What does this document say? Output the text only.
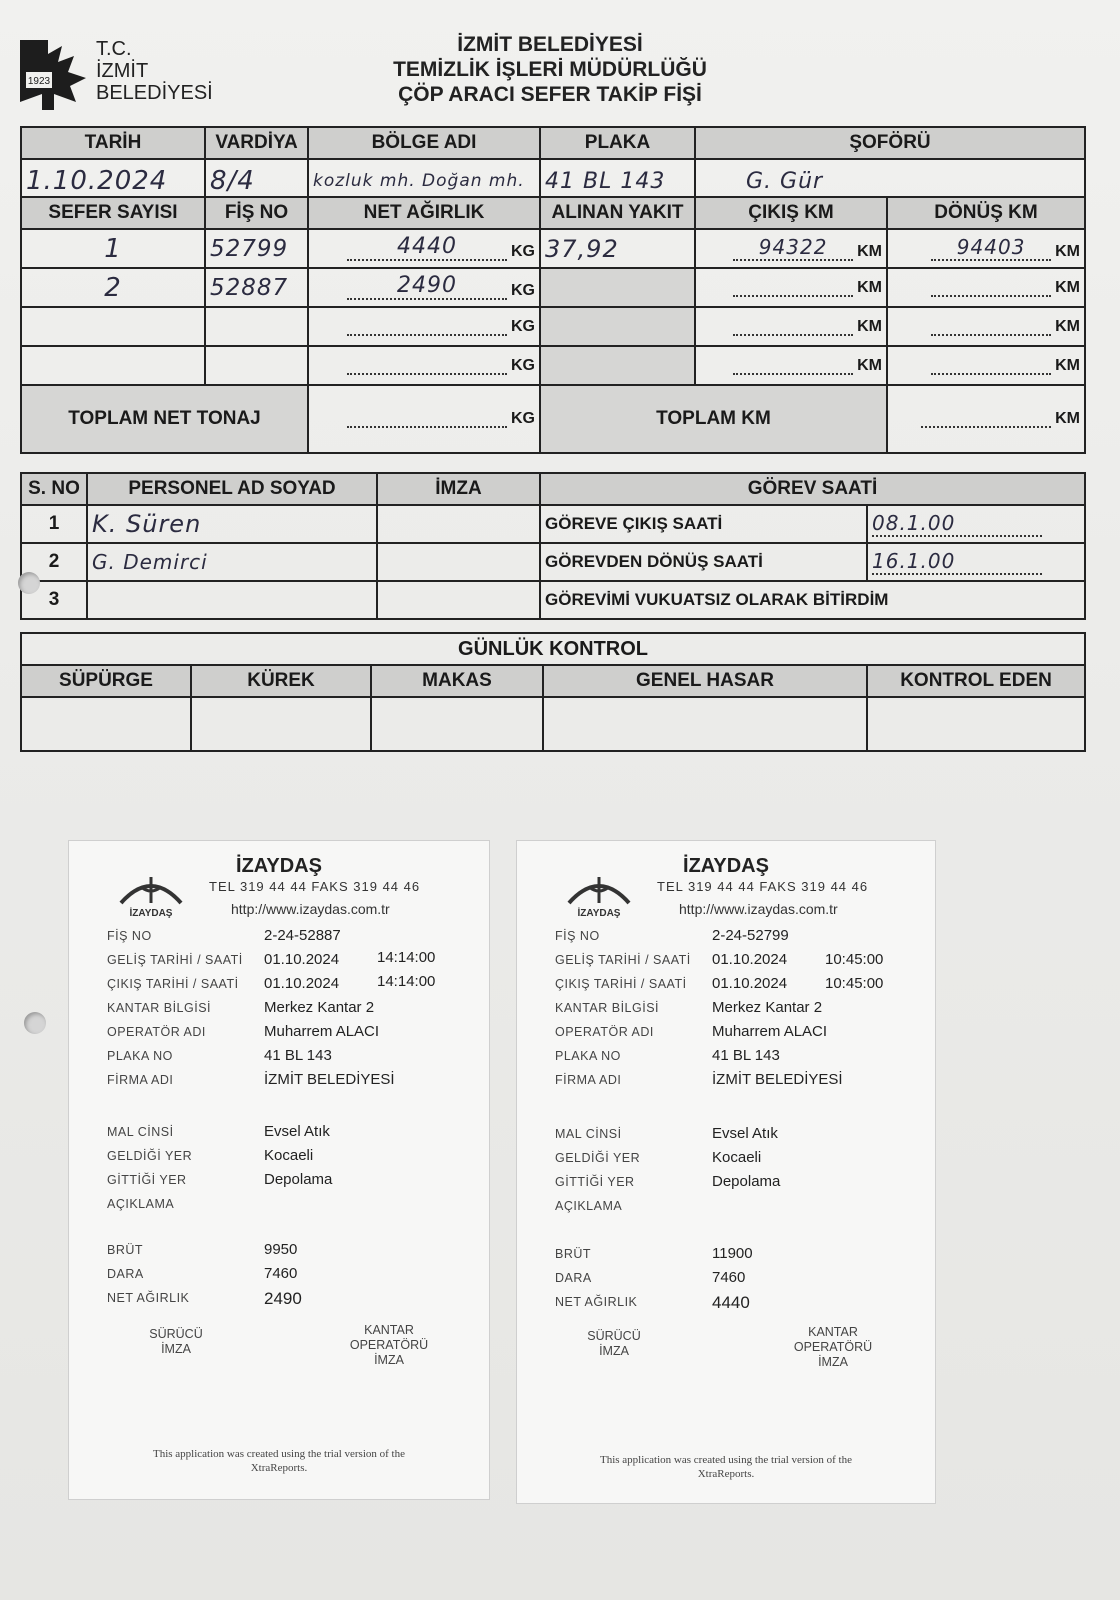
1923
T.C.
İZMİT
BELEDİYESİ
İZMİT BELEDİYESİ
TEMİZLİK İŞLERİ MÜDÜRLÜĞÜ
ÇÖP ARACI SEFER TAKİP FİŞİ
TARİH	VARDİYA	BÖLGE ADI	PLAKA	ŞOFÖRÜ
1.10.2024	8/4	kozluk mh. Doğan mh.	41 BL 143	G. Gür
SEFER SAYISI	FİŞ NO	NET AĞIRLIK	ALINAN YAKIT	ÇIKIŞ KM	DÖNÜŞ KM
1	52799	4440 KG	37,92	94322 KM	94403 KM

2	52887	2490 KG		KM	KM

		KG		KM	KM

		KG		KM	KM

TOPLAM NET TONAJ		KG	TOPLAM KM		KM
S. NO	PERSONEL AD SOYAD	İMZA	GÖREV SAATİ	
1	K. Süren		GÖREVE ÇIKIŞ SAATİ	08.1.00
2	G. Demirci		GÖREVDEN DÖNÜŞ SAATİ	16.1.00
3			GÖREVİMİ VUKUATSIZ OLARAK BİTİRDİM	
GÜNLÜK KONTROL				
SÜPÜRGE	KÜREK	MAKAS	GENEL HASAR	KONTROL EDEN

İZAYDAŞ
İZAYDAŞ
TEL 319 44 44 FAKS 319 44 46
http://www.izaydas.com.tr
FİŞ NO	2-24-52887
GELİŞ TARİHİ / SAATİ 01.10.2024	14:14:00
ÇIKIŞ TARİHİ / SAATİ 01.10.2024	14:14:00
KANTAR BİLGİSİ	Merkez Kantar 2
OPERATÖR ADI	Muharrem ALACI
PLAKA NO	41 BL 143
FİRMA ADI	İZMİT BELEDİYESİ
MAL CİNSİ	Evsel Atık
GELDİĞİ YER	Kocaeli
GİTTİĞİ YER	Depolama
AÇIKLAMA
BRÜT	9950
DARA	7460
NET AĞIRLIK	2490
SÜRÜCÜ İMZA
KANTAR OPERATÖRÜ İMZA
This application was created using the trial version of the XtraReports.
İZAYDAŞ
İZAYDAŞ
TEL 319 44 44 FAKS 319 44 46
http://www.izaydas.com.tr
FİŞ NO	2-24-52799
GELİŞ TARİHİ / SAATİ 01.10.2024	10:45:00
ÇIKIŞ TARİHİ / SAATİ 01.10.2024	10:45:00
KANTAR BİLGİSİ	Merkez Kantar 2
OPERATÖR ADI	Muharrem ALACI
PLAKA NO	41 BL 143
FİRMA ADI	İZMİT BELEDİYESİ
MAL CİNSİ	Evsel Atık
GELDİĞİ YER	Kocaeli
GİTTİĞİ YER	Depolama
AÇIKLAMA
BRÜT	11900
DARA	7460
NET AĞIRLIK	4440
SÜRÜCÜ İMZA
KANTAR OPERATÖRÜ İMZA
This application was created using the trial version of the XtraReports.
